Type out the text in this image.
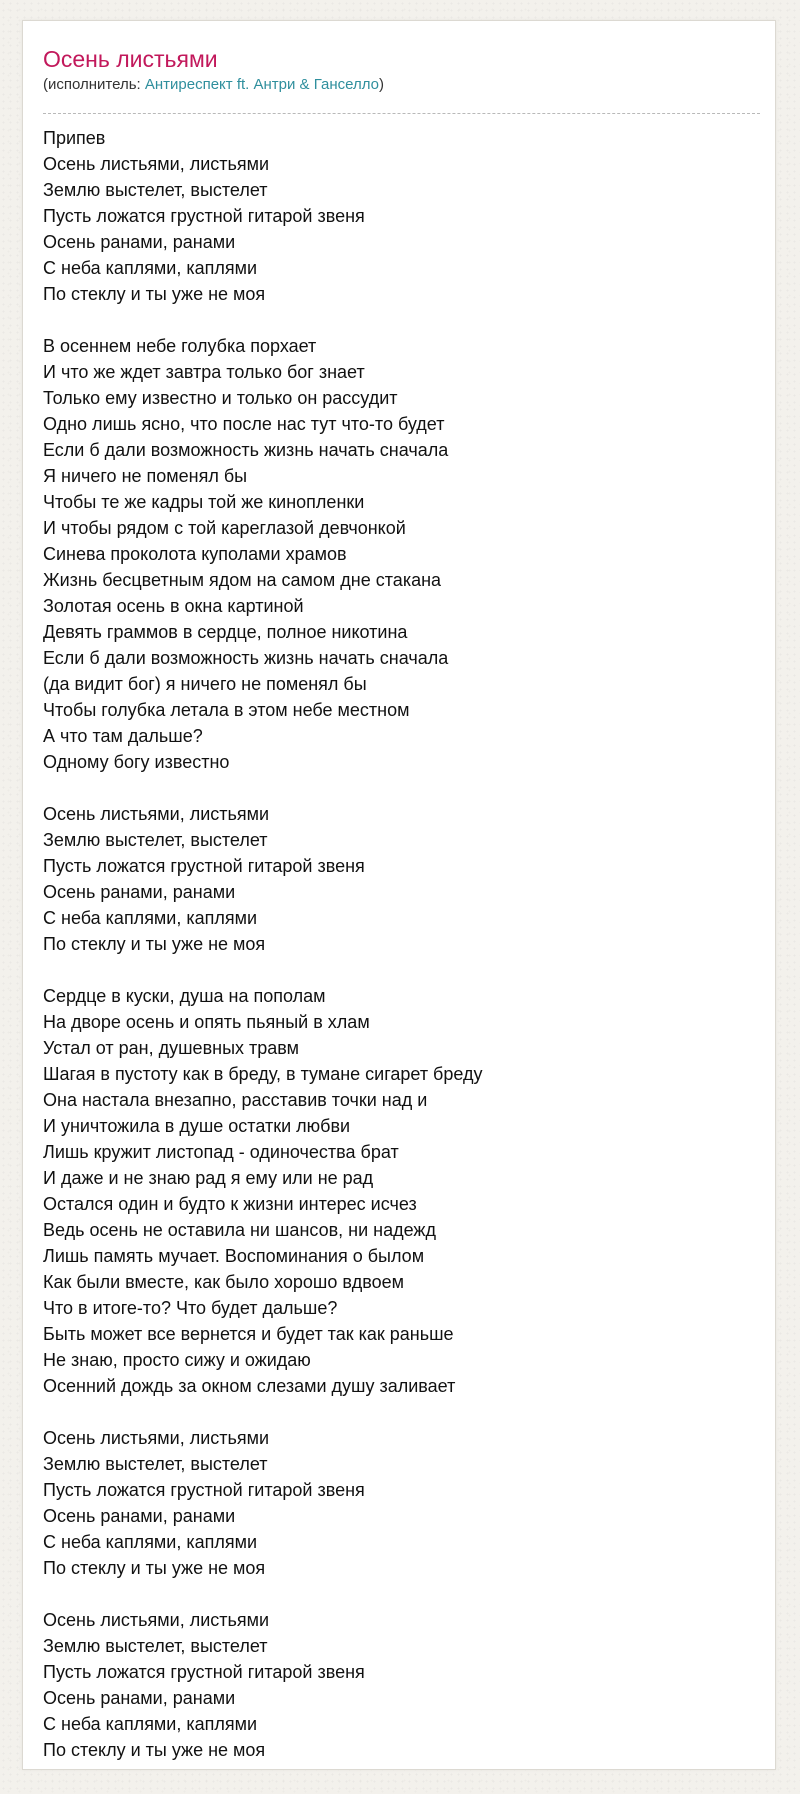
Осень листьями
(исполнитель: Антиреспект ft. Антри & Ганселло)
Припев
Осень листьями, листьями
Землю выстелет, выстелет
Пусть ложатся грустной гитарой звеня
Осень ранами, ранами
С неба каплями, каплями
По стеклу и ты уже не моя
В осеннем небе голубка порхает
И что же ждет завтра только бог знает
Только ему известно и только он рассудит
Одно лишь ясно, что после нас тут что-то будет
Если б дали возможность жизнь начать сначала
Я ничего не поменял бы
Чтобы те же кадры той же кинопленки
И чтобы рядом с той кареглазой девчонкой
Синева проколота куполами храмов
Жизнь бесцветным ядом на самом дне стакана
Золотая осень в окна картиной
Девять граммов в сердце, полное никотина
Если б дали возможность жизнь начать сначала
(да видит бог) я ничего не поменял бы
Чтобы голубка летала в этом небе местном
А что там дальше?
Одному богу известно
Осень листьями, листьями
Землю выстелет, выстелет
Пусть ложатся грустной гитарой звеня
Осень ранами, ранами
С неба каплями, каплями
По стеклу и ты уже не моя
Сердце в куски, душа на пополам
На дворе осень и опять пьяный в хлам
Устал от ран, душевных травм
Шагая в пустоту как в бреду, в тумане сигарет бреду
Она настала внезапно, расставив точки над и
И уничтожила в душе остатки любви
Лишь кружит листопад - одиночества брат
И даже и не знаю рад я ему или не рад
Остался один и будто к жизни интерес исчез
Ведь осень не оставила ни шансов, ни надежд
Лишь память мучает. Воспоминания о былом
Как были вместе, как было хорошо вдвоем
Что в итоге-то? Что будет дальше?
Быть может все вернется и будет так как раньше
Не знаю, просто сижу и ожидаю
Осенний дождь за окном слезами душу заливает
Осень листьями, листьями
Землю выстелет, выстелет
Пусть ложатся грустной гитарой звеня
Осень ранами, ранами
С неба каплями, каплями
По стеклу и ты уже не моя
Осень листьями, листьями
Землю выстелет, выстелет
Пусть ложатся грустной гитарой звеня
Осень ранами, ранами
С неба каплями, каплями
По стеклу и ты уже не моя
